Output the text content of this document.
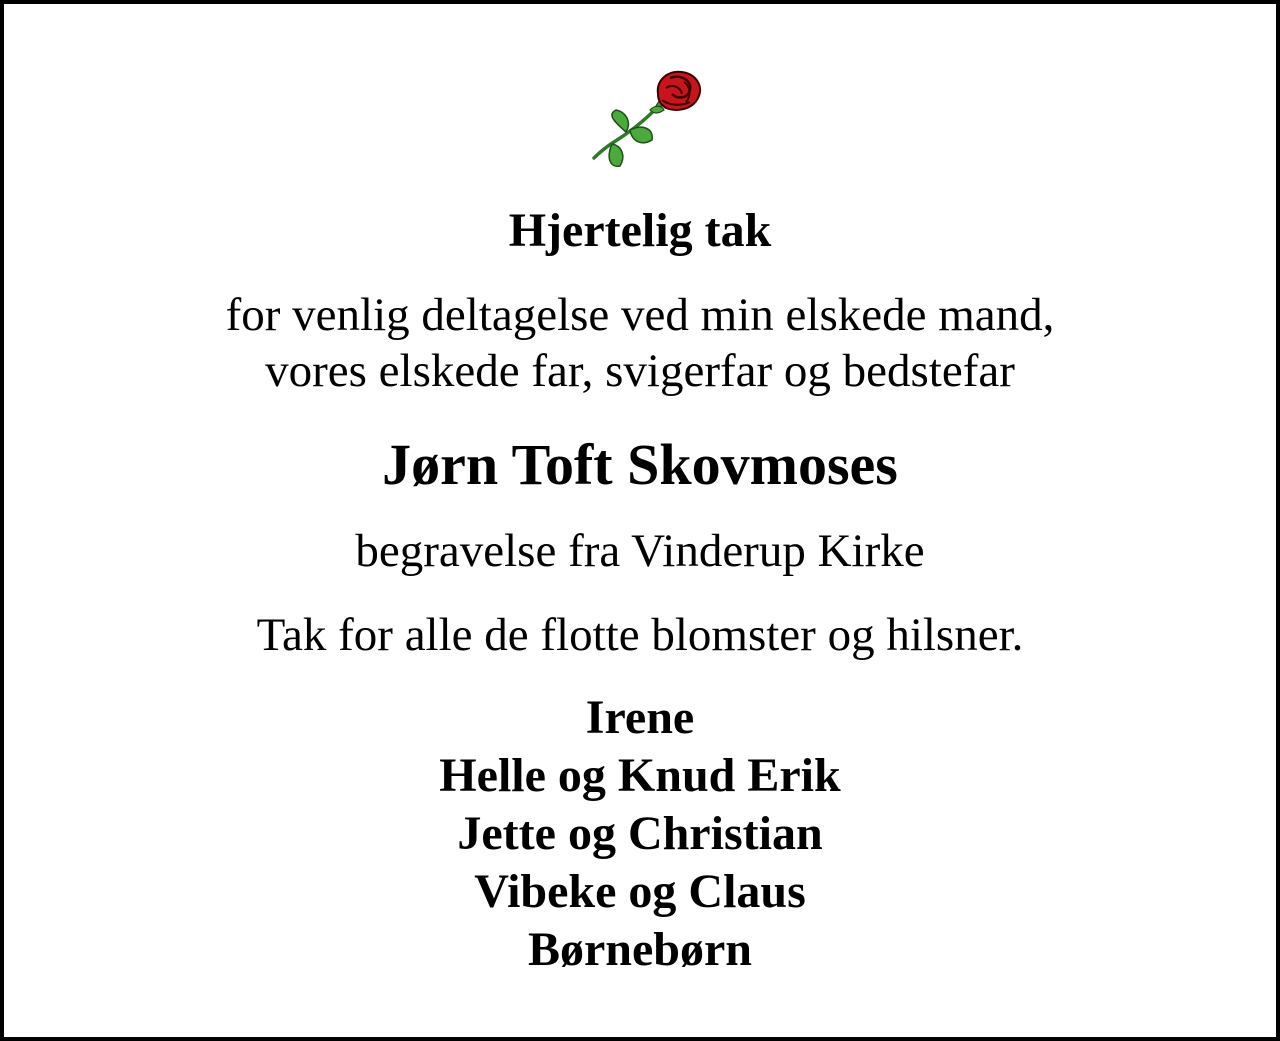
Hjertelig tak
for venlig deltagelse ved min elskede mand,
vores elskede far, svigerfar og bedstefar
Jørn Toft Skovmoses
begravelse fra Vinderup Kirke
Tak for alle de flotte blomster og hilsner.
Irene
Helle og Knud Erik
Jette og Christian
Vibeke og Claus
Børnebørn
